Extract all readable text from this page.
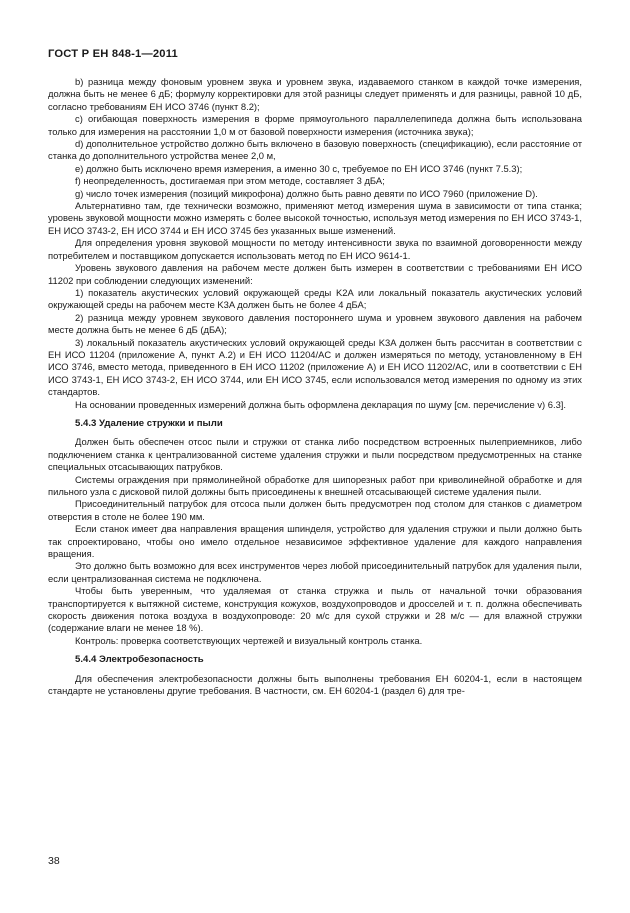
ГОСТ Р ЕН 848-1—2011

b) разница между фоновым уровнем звука и уровнем звука, издаваемого станком в каждой точке измерения, должна быть не менее 6 дБ; формулу корректировки для этой разницы следует применять и для разницы, равной 10 дБ, согласно требованиям ЕН ИСО 3746 (пункт 8.2);

c) огибающая поверхность измерения в форме прямоугольного параллелепипеда должна быть использована только для измерения на расстоянии 1,0 м от базовой поверхности измерения (источника звука);

d) дополнительное устройство должно быть включено в базовую поверхность (спецификацию), если расстояние от станка до дополнительного устройства менее 2,0 м,

e) должно быть исключено время измерения, а именно 30 с, требуемое по ЕН ИСО 3746 (пункт 7.5.3);

f) неопределенность, достигаемая при этом методе, составляет 3 дБА;

g) число точек измерения (позиций микрофона) должно быть равно девяти по ИСО 7960 (приложение D).

Альтернативно там, где технически возможно, применяют метод измерения шума в зависимости от типа станка; уровень звуковой мощности можно измерять с более высокой точностью, используя метод измерения по ЕН ИСО 3743-1, ЕН ИСО 3743-2, ЕН ИСО 3744 и ЕН ИСО 3745 без указанных выше изменений.

Для определения уровня звуковой мощности по методу интенсивности звука по взаимной договоренности между потребителем и поставщиком допускается использовать метод по ЕН ИСО 9614-1.

Уровень звукового давления на рабочем месте должен быть измерен в соответствии с требованиями ЕН ИСО 11202 при соблюдении следующих изменений:

1) показатель акустических условий окружающей среды K2A или локальный показатель акустических условий окружающей среды на рабочем месте K3A должен быть не более 4 дБА;

2) разница между уровнем звукового давления постороннего шума и уровнем звукового давления на рабочем месте должна быть не менее 6 дБ (дБА);

3) локальный показатель акустических условий окружающей среды K3A должен быть рассчитан в соответствии с ЕН ИСО 11204 (приложение А, пункт А.2) и ЕН ИСО 11204/AC и должен измеряться по методу, установленному в ЕН ИСО 3746, вместо метода, приведенного в ЕН ИСО 11202 (приложение А) и ЕН ИСО 11202/AC, или в соответствии с ЕН ИСО 3743-1, ЕН ИСО 3743-2, ЕН ИСО 3744, или ЕН ИСО 3745, если использовался метод измерения по одному из этих стандартов.

На основании проведенных измерений должна быть оформлена декларация по шуму [см. перечисление v) 6.3].

5.4.3 Удаление стружки и пыли

Должен быть обеспечен отсос пыли и стружки от станка либо посредством встроенных пылеприемников, либо подключением станка к централизованной системе удаления стружки и пыли посредством предусмотренных на станке специальных отсасывающих патрубков.

Системы ограждения при прямолинейной обработке для шипорезных работ при криволинейной обработке и для пильного узла с дисковой пилой должны быть присоединены к внешней отсасывающей системе удаления пыли.

Присоединительный патрубок для отсоса пыли должен быть предусмотрен под столом для станков с диаметром отверстия в столе не более 190 мм.

Если станок имеет два направления вращения шпинделя, устройство для удаления стружки и пыли должно быть так спроектировано, чтобы оно имело отдельное независимое эффективное удаление для каждого направления вращения.

Это должно быть возможно для всех инструментов через любой присоединительный патрубок для удаления пыли, если централизованная система не подключена.

Чтобы быть уверенным, что удаляемая от станка стружка и пыль от начальной точки образования транспортируется к вытяжной системе, конструкция кожухов, воздухопроводов и дросселей и т. п. должна обеспечивать скорость движения потока воздуха в воздухопроводе: 20 м/с для сухой стружки и 28 м/с — для влажной стружки (содержание влаги не менее 18 %).

Контроль: проверка соответствующих чертежей и визуальный контроль станка.

5.4.4 Электробезопасность

Для обеспечения электробезопасности должны быть выполнены требования ЕН 60204-1, если в настоящем стандарте не установлены другие требования. В частности, см. ЕН 60204-1 (раздел 6) для тре-

38
